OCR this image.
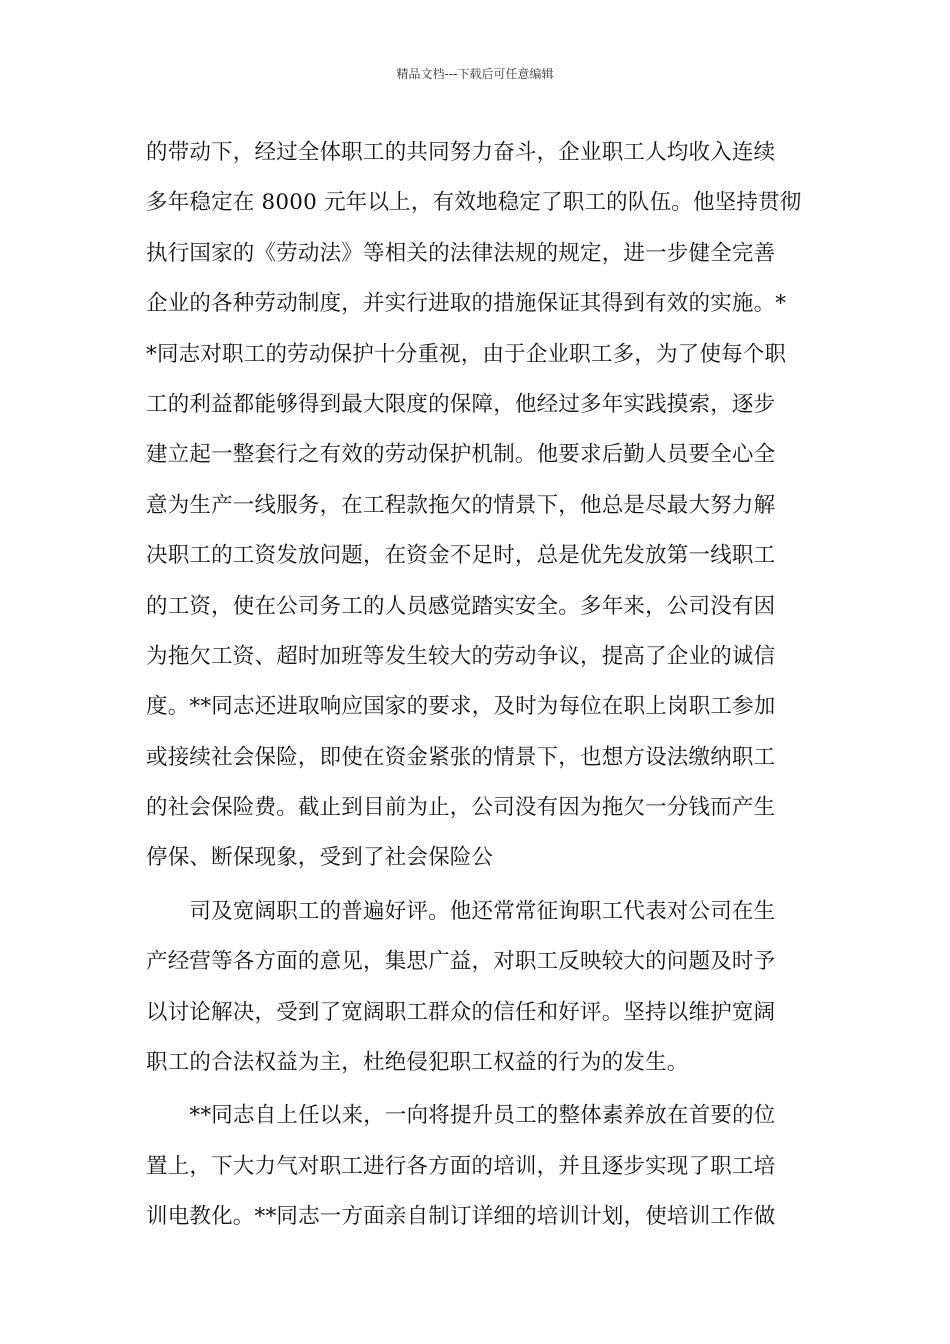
精品文档---下载后可任意编辑
的带动下，经过全体职工的共同努力奋斗，企业职工人均收入连续
多年稳定在 8000 元年以上，有效地稳定了职工的队伍。他坚持贯彻
执行国家的《劳动法》等相关的法律法规的规定，进一步健全完善
企业的各种劳动制度，并实行进取的措施保证其得到有效的实施。*
*同志对职工的劳动保护十分重视，由于企业职工多，为了使每个职
工的利益都能够得到最大限度的保障，他经过多年实践摸索，逐步
建立起一整套行之有效的劳动保护机制。他要求后勤人员要全心全
意为生产一线服务，在工程款拖欠的情景下，他总是尽最大努力解
决职工的工资发放问题，在资金不足时，总是优先发放第一线职工
的工资，使在公司务工的人员感觉踏实安全。多年来，公司没有因
为拖欠工资、超时加班等发生较大的劳动争议，提高了企业的诚信
度。**同志还进取响应国家的要求，及时为每位在职上岗职工参加
或接续社会保险，即使在资金紧张的情景下，也想方设法缴纳职工
的社会保险费。截止到目前为止，公司没有因为拖欠一分钱而产生
停保、断保现象，受到了社会保险公
　　司及宽阔职工的普遍好评。他还常常征询职工代表对公司在生
产经营等各方面的意见，集思广益，对职工反映较大的问题及时予
以讨论解决，受到了宽阔职工群众的信任和好评。坚持以维护宽阔
职工的合法权益为主，杜绝侵犯职工权益的行为的发生。
　　**同志自上任以来，一向将提升员工的整体素养放在首要的位
置上，下大力气对职工进行各方面的培训，并且逐步实现了职工培
训电教化。**同志一方面亲自制订详细的培训计划，使培训工作做
